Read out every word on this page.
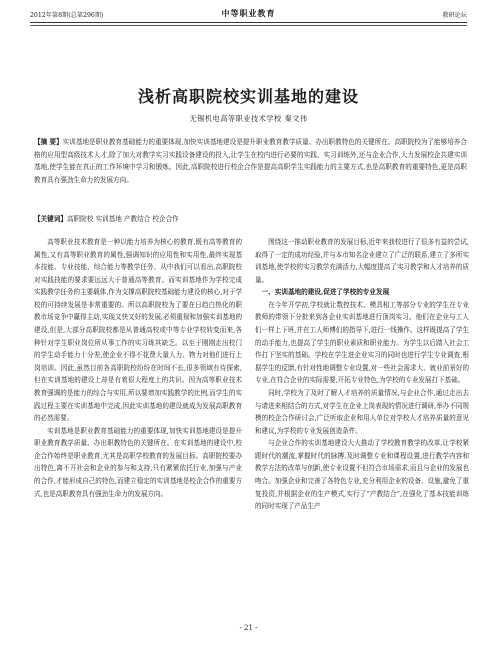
2012年第8期(总第296期)	中等职业教育	教研论坛
浅析高职院校实训基地的建设
无锡机电高等职业技术学校 秦文伟
【摘 要】实训基地是职业教育基础能力的重要体现,加快实训基地建设是提升职业教育教学质量、办出职教特色的关键所在。高职院校为了能够培养合格的应用型高级技术人才,除了加大对教学实习实践设备建设的投入,让学生在校内进行必要的实践、实习训练外,还与企业合作,大力发展校企共建实训基地,使学生能在真正的工作环境中学习和锻炼。因此,高职院校进行校企合作是提高高职学生实践能力的主要方式,也是高职教育的重要特色,更是高职教育具有强劲生命力的发展方向。
【关键词】高职院校 实训基地 产教结合 校企合作

高等职业技术教育是一种以能力培养为核心的教育,既有高等教育的属性,又有高等职业教育的属性,强调知识的应用性和实用性,最终实现基本技能、专业技能、综合能力等教学任务。从中我们可以看出,高职院校对实践技能的要求要远远大于普通高等教育。而实训基地作为学校完成实践教学任务的主要载体,作为支撑高职院校基础能力建设的核心,对于学校的可持续发展是非常重要的。所以高职院校为了要在日趋白热化的职教市场竞争中赢得主动,实现又快又好的发展,必须重视和加强实训基地的建设,但是,大部分高职院校都是从普通高校或中等专业学校转变而来,各种针对学生职业岗位所从事工作的实习练其缺乏。以至于刚刚走出校门的学生动手能力十分差,使企业不得不花费大量人力、物力对他们进行上岗培训。因此,虽然目前各高职院校纷纷在时间不长,很多领域有待探索,但在实训基地的建设上却是有着很大程度上的共识。因为高等职业技术教育强调的是能力的综合与实用,所以要增加实践教学的比例,而学生的实践过程主要在实训基地中完成,因此实训基地的建设就成为发展高职教育的必然需要。

实训基地是职业教育基础能力的重要体现,加快实训基地建设是提升职业教育教学质量、办出职教特色的关键所在。在实训基地的建设中,校企合作始终是职业教育,尤其是高职学校教育的发展目标。高职院校要办出特色,离不开社会和企业的参与和支持,只有紧紧依托行业,加强与产业的合作,才能形成自己的特色,而建立稳定的实训基地是校企合作的重要方式,也是高职教育具有强劲生命力的发展方向。

围绕这一推动职业教育的发展目标,近年来我校进行了很多有益的尝试,取得了一定的成功经验,并与本市知名企业建立了广泛的联系,建立了多所实训基地,使学校的实习教学充满活力,大幅度提高了实习教学和人才培养的质量。

一、实训基地的建设,促进了学校的专业发展

在今年开学初,学校就让数控技术、模具相工等部分专业的学生在专业教师的带领下分批来到各企业实训基地进行顶岗实习。他们在企业与工人们一样上下班,并在工人师傅们的指导下,进行一线操作。这样既提高了学生的动手能力,也提高了学生的职业素质和职业能力。为学生以后踏入社会工作打下坚实的基础。学校在学生进企业实习的同时也进行学生专业调查,根据学生的反馈,有针对性地调整专业设置,对一些社会需求大、就业前景好的专业,在符合企业的实际需要,开拓专业特色,为学校的专业发展打下基础。

同时,学校为了及时了解人才培养的质量情况,与企业合作,通过走出去与请进来相结合的方式,对学生在企业上岗表现的情况进行调研,举办不同规模的校企合作研讨会,广泛听取企业和用人单位对学校人才培养质量的意见和建议,为学校的专业发展创造条件。

与企业合作的实训基地建设大大推动了学校教育教学的改革,让学校紧跟时代的潮流,掌握时代的脉搏,及时调整专业和课程设置,进行教学内容和教学方法的改革与创新,使专业设置不但符合市场需求,而且与企业的发展也吻合。加强企业和完善了各特色专业,充分利用企业的设备、设施,避免了重复投资,并根据企业的生产模式,实行了“产教结合”,在强化了基本技能训练的同时实现了产品生产

- 21 -
